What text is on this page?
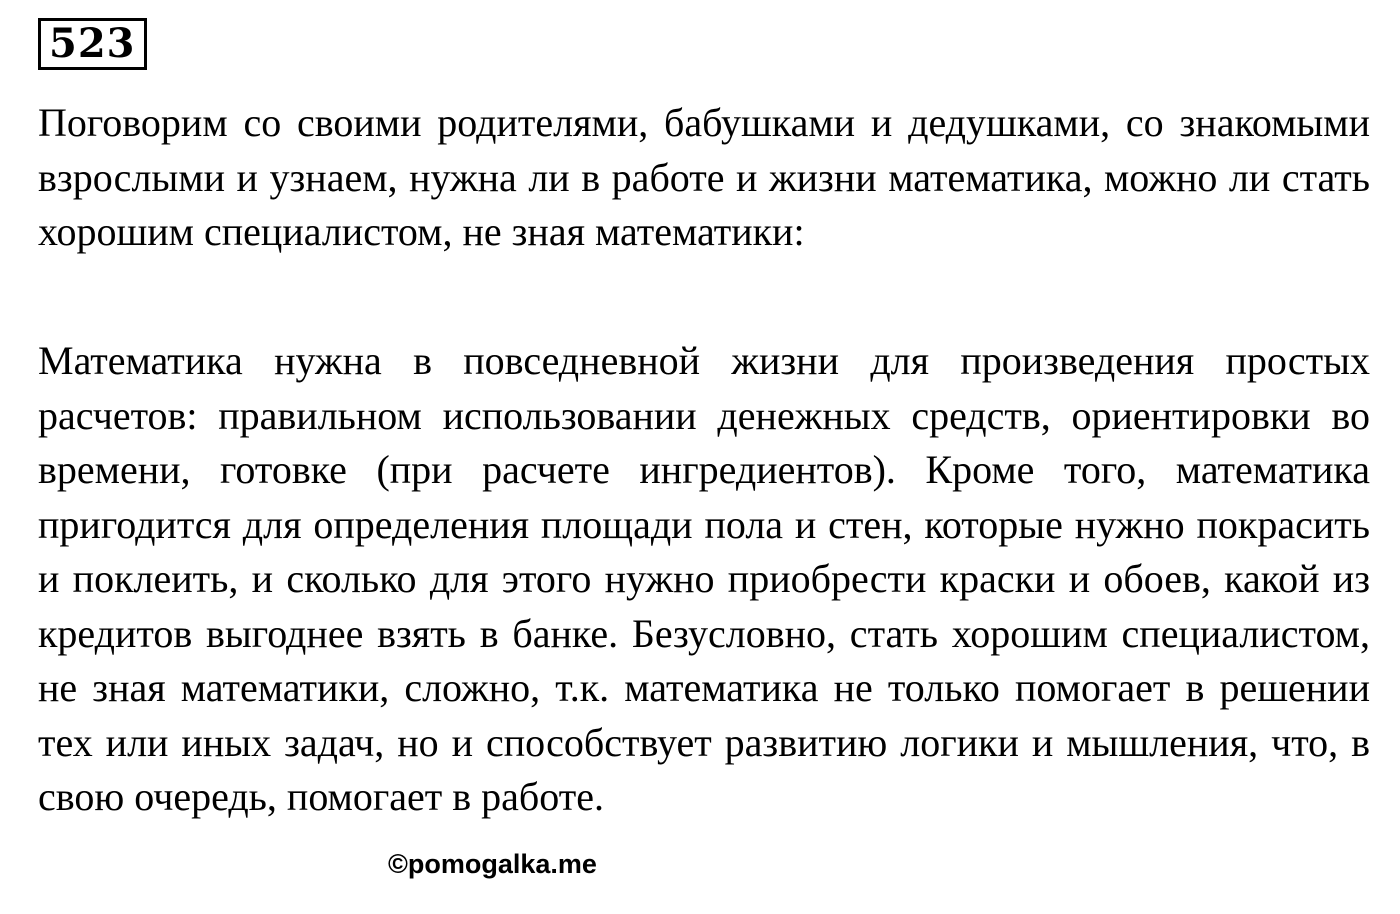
523

Поговорим со своими родителями, бабушками и дедушками, со знакомыми взрослыми и узнаем, нужна ли в работе и жизни математика, можно ли стать хорошим специалистом, не зная математики:

Математика нужна в повседневной жизни для произведения простых расчетов: правильном использовании денежных средств, ориентировки во времени, готовке (при расчете ингредиентов). Кроме того, математика пригодится для определения площади пола и стен, которые нужно покрасить и поклеить, и сколько для этого нужно приобрести краски и обоев, какой из кредитов выгоднее взять в банке. Безусловно, стать хорошим специалистом, не зная математики, сложно, т.к. математика не только помогает в решении тех или иных задач, но и способствует развитию логики и мышления, что, в свою очередь, помогает в работе.

©pomogalka.me
